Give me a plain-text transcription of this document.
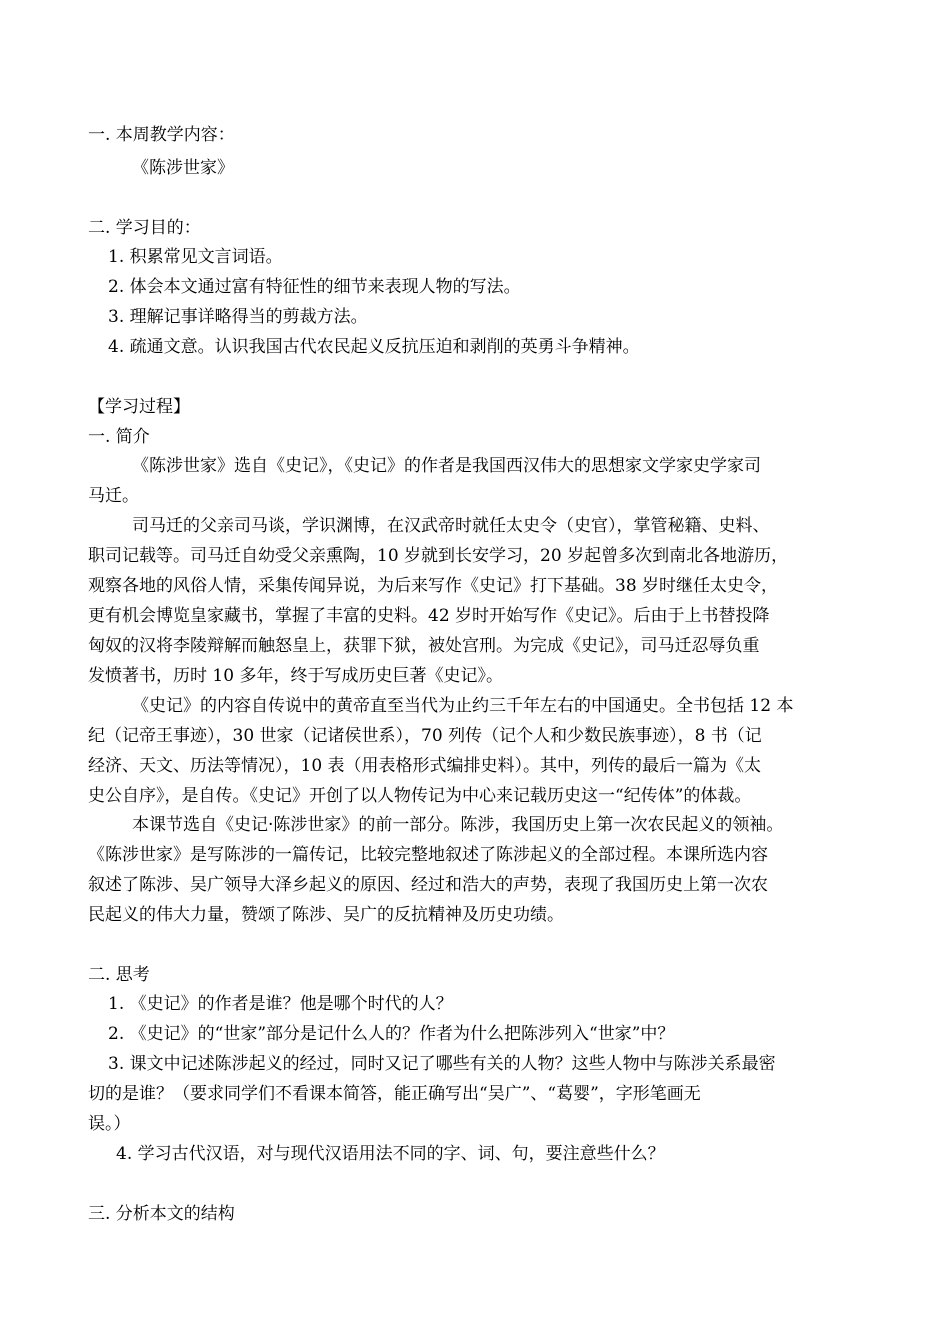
一. 本周教学内容：
《陈涉世家》
二. 学习目的：
1. 积累常见文言词语。
2. 体会本文通过富有特征性的细节来表现人物的写法。
3. 理解记事详略得当的剪裁方法。
4. 疏通文意。认识我国古代农民起义反抗压迫和剥削的英勇斗争精神。
【学习过程】
一. 简介
《陈涉世家》选自《史记》，《史记》的作者是我国西汉伟大的思想家文学家史学家司
马迁。
司马迁的父亲司马谈，学识渊博，在汉武帝时就任太史令（史官），掌管秘籍、史料、
职司记载等。司马迁自幼受父亲熏陶，10 岁就到长安学习，20 岁起曾多次到南北各地游历，
观察各地的风俗人情，采集传闻异说，为后来写作《史记》打下基础。38 岁时继任太史令，
更有机会博览皇家藏书，掌握了丰富的史料。42 岁时开始写作《史记》。后由于上书替投降
匈奴的汉将李陵辩解而触怒皇上，获罪下狱，被处宫刑。为完成《史记》，司马迁忍辱负重
发愤著书，历时 10 多年，终于写成历史巨著《史记》。
《史记》的内容自传说中的黄帝直至当代为止约三千年左右的中国通史。全书包括 12 本
纪（记帝王事迹），30 世家（记诸侯世系），70 列传（记个人和少数民族事迹），8 书（记
经济、天文、历法等情况），10 表（用表格形式编排史料）。其中，列传的最后一篇为《太
史公自序》，是自传。《史记》开创了以人物传记为中心来记载历史这一“纪传体”的体裁。
本课节选自《史记·陈涉世家》的前一部分。陈涉，我国历史上第一次农民起义的领袖。
《陈涉世家》是写陈涉的一篇传记，比较完整地叙述了陈涉起义的全部过程。本课所选内容
叙述了陈涉、吴广领导大泽乡起义的原因、经过和浩大的声势，表现了我国历史上第一次农
民起义的伟大力量，赞颂了陈涉、吴广的反抗精神及历史功绩。
二. 思考
1. 《史记》的作者是谁？他是哪个时代的人？
2. 《史记》的“世家”部分是记什么人的？作者为什么把陈涉列入“世家”中？
3. 课文中记述陈涉起义的经过，同时又记了哪些有关的人物？这些人物中与陈涉关系最密
切的是谁？（要求同学们不看课本简答，能正确写出“吴广”、“葛婴”，字形笔画无
误。）
4. 学习古代汉语，对与现代汉语用法不同的字、词、句，要注意些什么？
三. 分析本文的结构
